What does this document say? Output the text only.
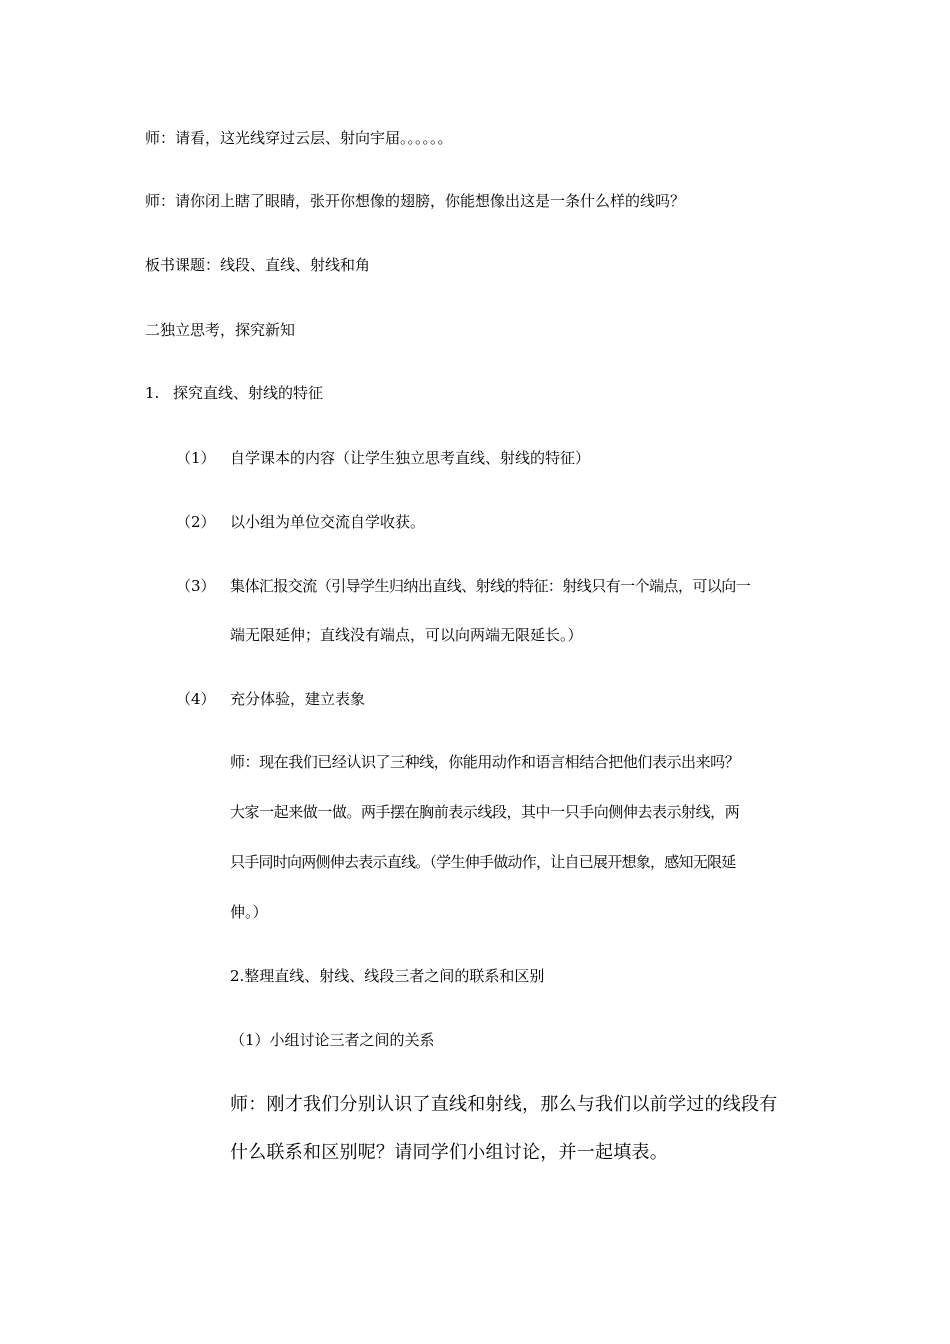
师：请看，这光线穿过云层、射向宇届。。。。。。
师：请你闭上瞎了眼睛，张开你想像的翅膀，你能想像出这是一条什么样的线吗？
板书课题：线段、直线、射线和角
二独立思考，探究新知
1. 探究直线、射线的特征
（1） 自学课本的内容（让学生独立思考直线、射线的特征）
（2） 以小组为单位交流自学收获。
（3） 集体汇报交流（引导学生归纳出直线、射线的特征：射线只有一个端点，可以向一
端无限延伸；直线没有端点，可以向两端无限延长。）
（4） 充分体验，建立表象
师：现在我们已经认识了三种线，你能用动作和语言相结合把他们表示出来吗？
大家一起来做一做。两手摆在胸前表示线段，其中一只手向侧伸去表示射线，两
只手同时向两侧伸去表示直线。（学生伸手做动作，让自已展开想象，感知无限延
伸。）
2.整理直线、射线、线段三者之间的联系和区别
（1）小组讨论三者之间的关系
师：刚才我们分别认识了直线和射线，那么与我们以前学过的线段有
什么联系和区别呢？请同学们小组讨论，并一起填表。
